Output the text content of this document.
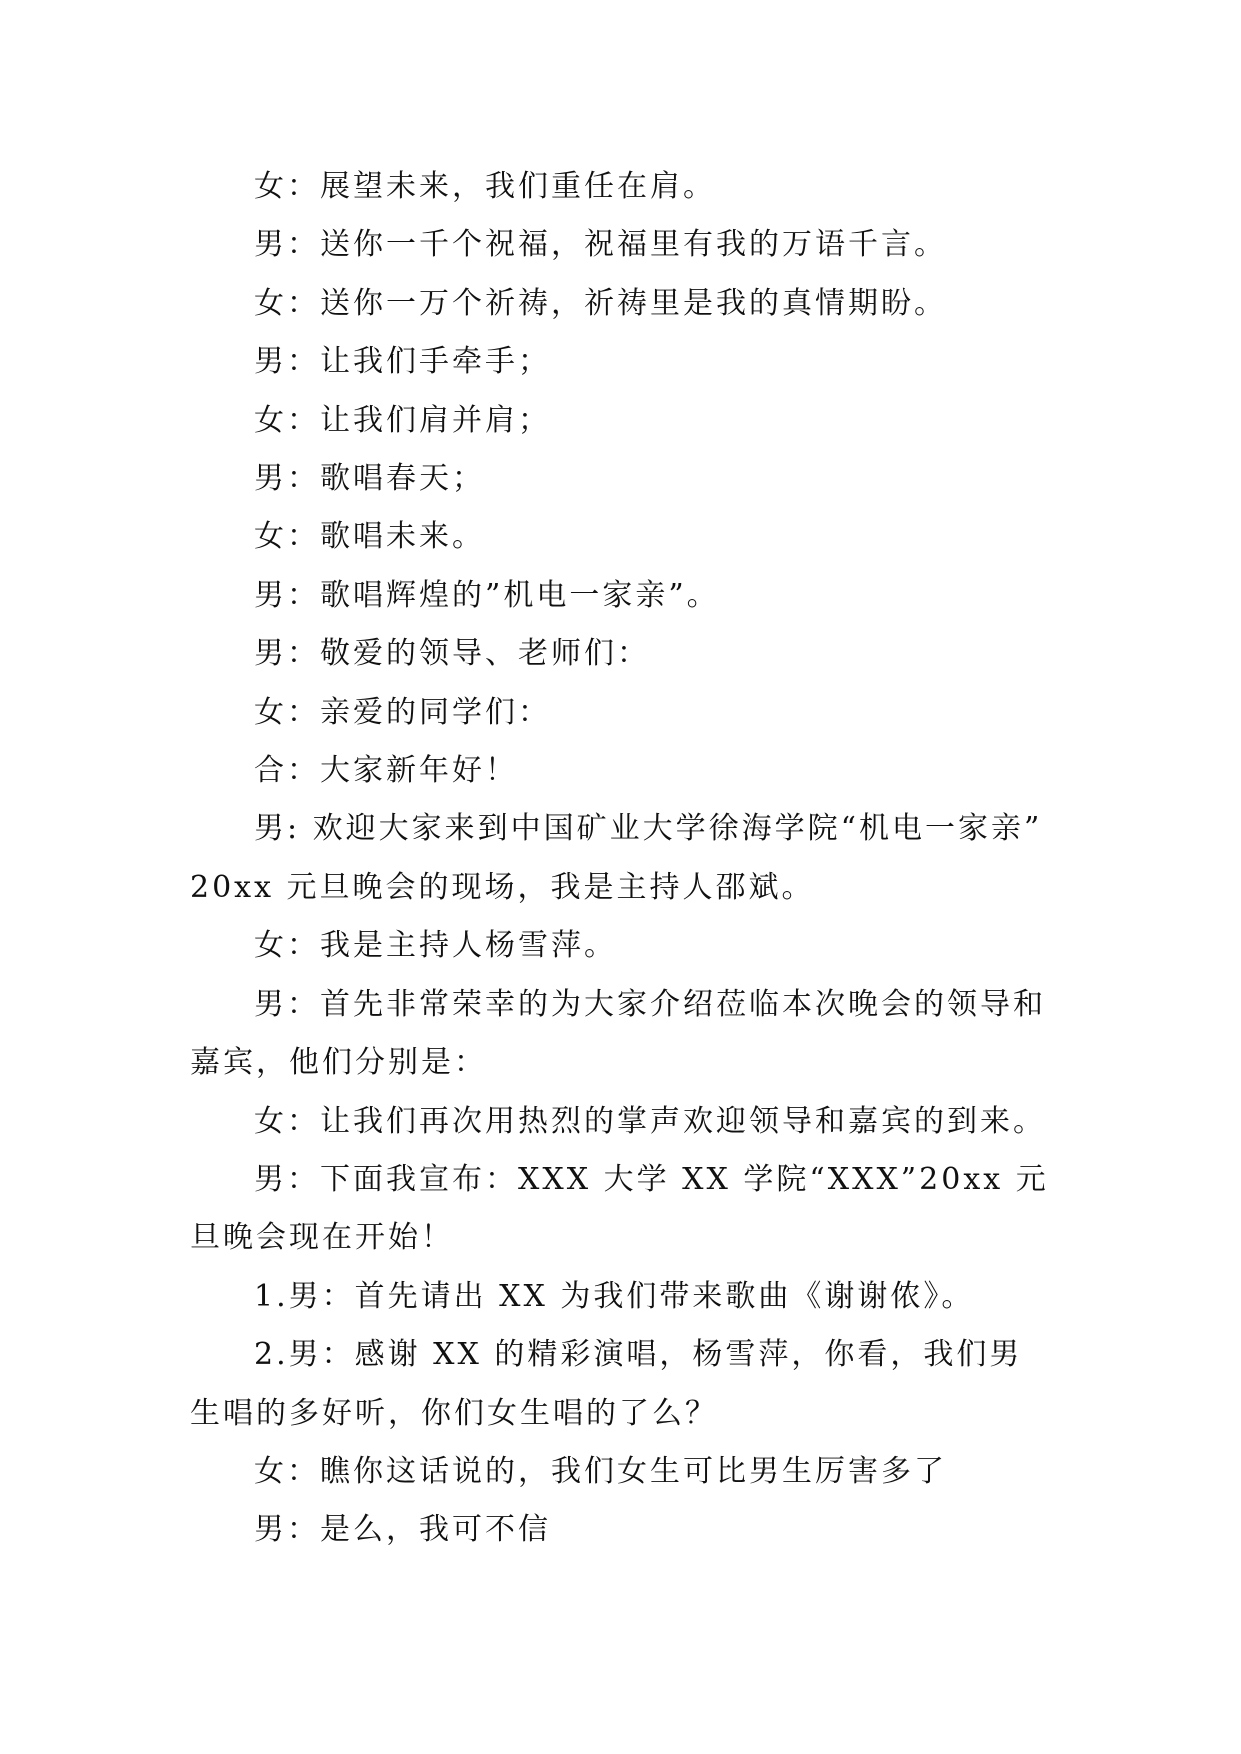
女：展望未来，我们重任在肩。

男：送你一千个祝福，祝福里有我的万语千言。

女：送你一万个祈祷，祈祷里是我的真情期盼。

男：让我们手牵手；

女：让我们肩并肩；

男：歌唱春天；

女：歌唱未来。

男：歌唱辉煌的”机电一家亲”。

男：敬爱的领导、老师们：

女：亲爱的同学们：

合：大家新年好！

男: 欢迎大家来到中国矿业大学徐海学院“机电一家亲” 20xx 元旦晚会的现场，我是主持人邵斌。

女：我是主持人杨雪萍。

男：首先非常荣幸的为大家介绍莅临本次晚会的领导和嘉宾，他们分别是：

女：让我们再次用热烈的掌声欢迎领导和嘉宾的到来。

男：下面我宣布：XXX 大学 XX 学院“XXX”20xx 元旦晚会现在开始！

1.男：首先请出 XX 为我们带来歌曲《谢谢侬》。

2.男：感谢 XX 的精彩演唱，杨雪萍，你看，我们男生唱的多好听，你们女生唱的了么？

女：瞧你这话说的，我们女生可比男生厉害多了

男：是么，我可不信
